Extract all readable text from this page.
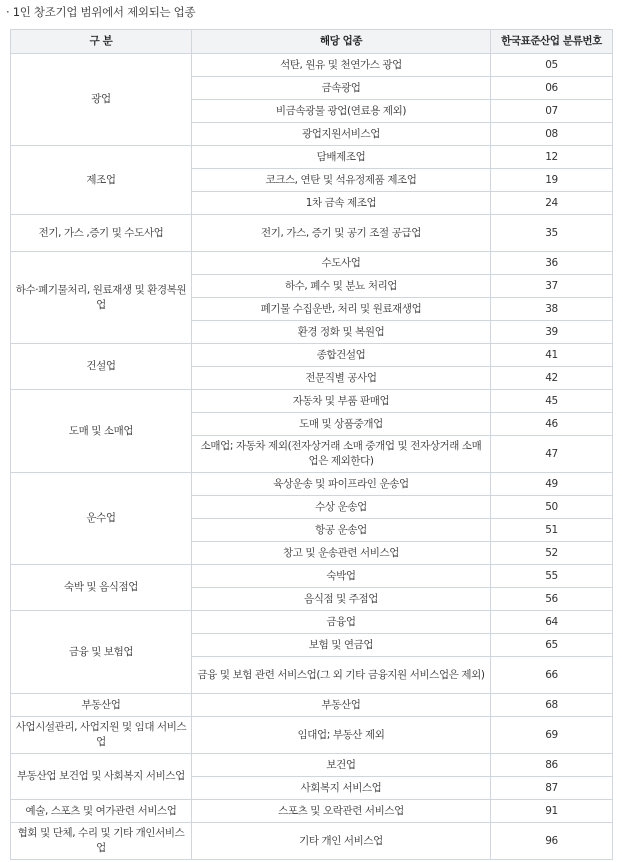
· 1인 창조기업 범위에서 제외되는 업종
구 분	해당 업종	한국표준산업 분류번호
광업	석탄, 원유 및 천연가스 광업	05
	금속광업	06
	비금속광물 광업(연료용 제외)	07
	광업지원서비스업	08
제조업	담배제조업	12
	코크스, 연탄 및 석유정제품 제조업	19
	1차 금속 제조업	24
전기, 가스 ,증기 및 수도사업	전기, 가스, 증기 및 공기 조절 공급업	35
하수·폐기물처리, 원료재생 및 환경복원업	수도사업	36
	하수, 폐수 및 분뇨 처리업	37
	폐기물 수집운반, 처리 및 원료재생업	38
	환경 정화 및 복원업	39
건설업	종합건설업	41
	전문직별 공사업	42
도매 및 소매업	자동차 및 부품 판매업	45
	도매 및 상품중개업	46
	소매업; 자동차 제외(전자상거래 소매 중개업 및 전자상거래 소매업은 제외한다)	47
운수업	육상운송 및 파이프라인 운송업	49
	수상 운송업	50
	항공 운송업	51
	창고 및 운송관련 서비스업	52
숙박 및 음식점업	숙박업	55
	음식점 및 주점업	56
금융 및 보험업	금융업	64
	보험 및 연금업	65
	금융 및 보험 관련 서비스업(그 외 기타 금융지원 서비스업은 제외)	66
부동산업	부동산업	68
사업시설관리, 사업지원 및 임대 서비스업	임대업; 부동산 제외	69
부동산업 보건업 및 사회복지 서비스업	보건업	86
	사회복지 서비스업	87
예술, 스포츠 및 여가관련 서비스업	스포츠 및 오락관련 서비스업	91
협회 및 단체, 수리 및 기타 개인서비스업	기타 개인 서비스업	96
